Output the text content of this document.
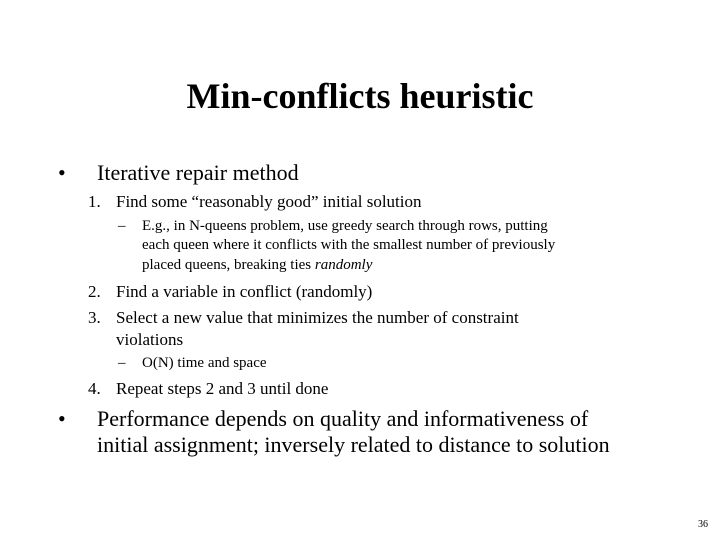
Min-conflicts heuristic
• Iterative repair method
1. Find some “reasonably good” initial solution
– E.g., in N-queens problem, use greedy search through rows, putting
each queen where it conflicts with the smallest number of previously
placed queens, breaking ties randomly
2. Find a variable in conflict (randomly)
3. Select a new value that minimizes the number of constraint
violations
– O(N) time and space
4. Repeat steps 2 and 3 until done
• Performance depends on quality and informativeness of
initial assignment; inversely related to distance to solution
36
